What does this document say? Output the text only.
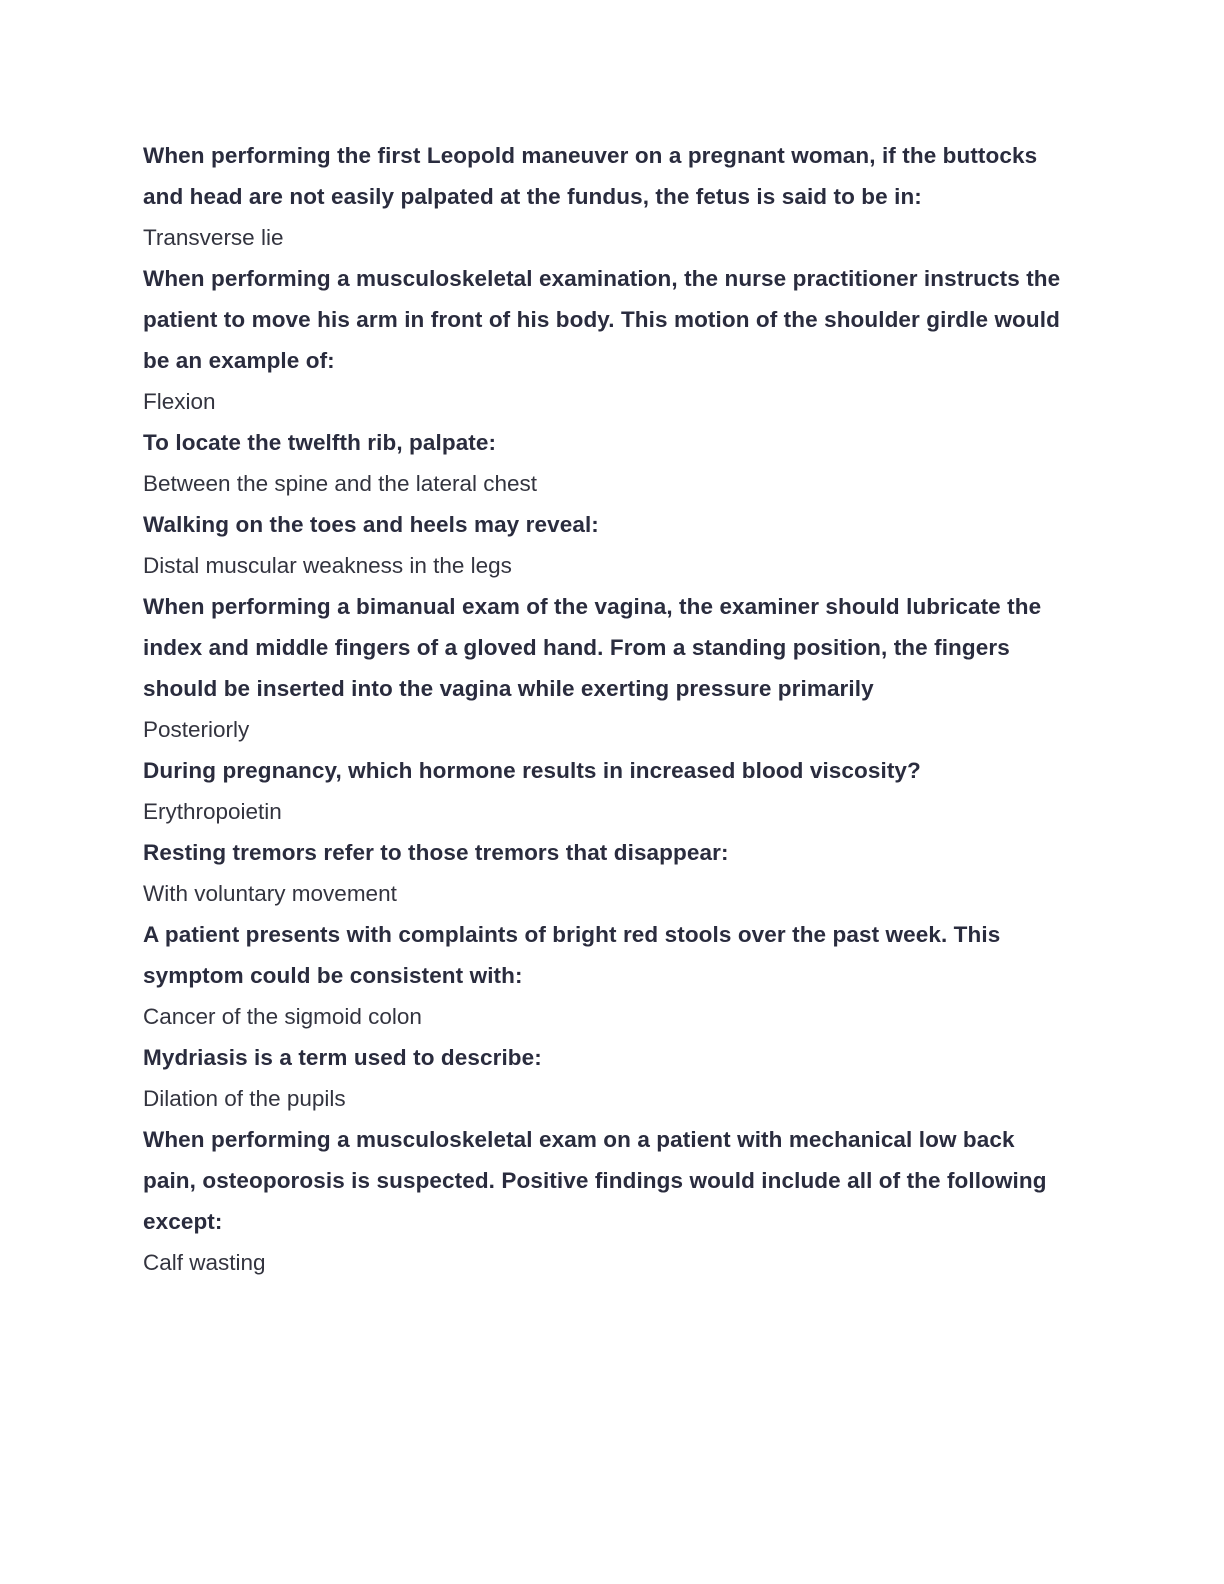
When performing the first Leopold maneuver on a pregnant woman, if the buttocks and head are not easily palpated at the fundus, the fetus is said to be in:

Transverse lie

When performing a musculoskeletal examination, the nurse practitioner instructs the patient to move his arm in front of his body. This motion of the shoulder girdle would be an example of:

Flexion

To locate the twelfth rib, palpate:

Between the spine and the lateral chest

Walking on the toes and heels may reveal:

Distal muscular weakness in the legs

When performing a bimanual exam of the vagina, the examiner should lubricate the index and middle fingers of a gloved hand. From a standing position, the fingers should be inserted into the vagina while exerting pressure primarily

Posteriorly

During pregnancy, which hormone results in increased blood viscosity?

Erythropoietin

Resting tremors refer to those tremors that disappear:

With voluntary movement

A patient presents with complaints of bright red stools over the past week. This symptom could be consistent with:

Cancer of the sigmoid colon

Mydriasis is a term used to describe:

Dilation of the pupils

When performing a musculoskeletal exam on a patient with mechanical low back pain, osteoporosis is suspected. Positive findings would include all of the following except:

Calf wasting
